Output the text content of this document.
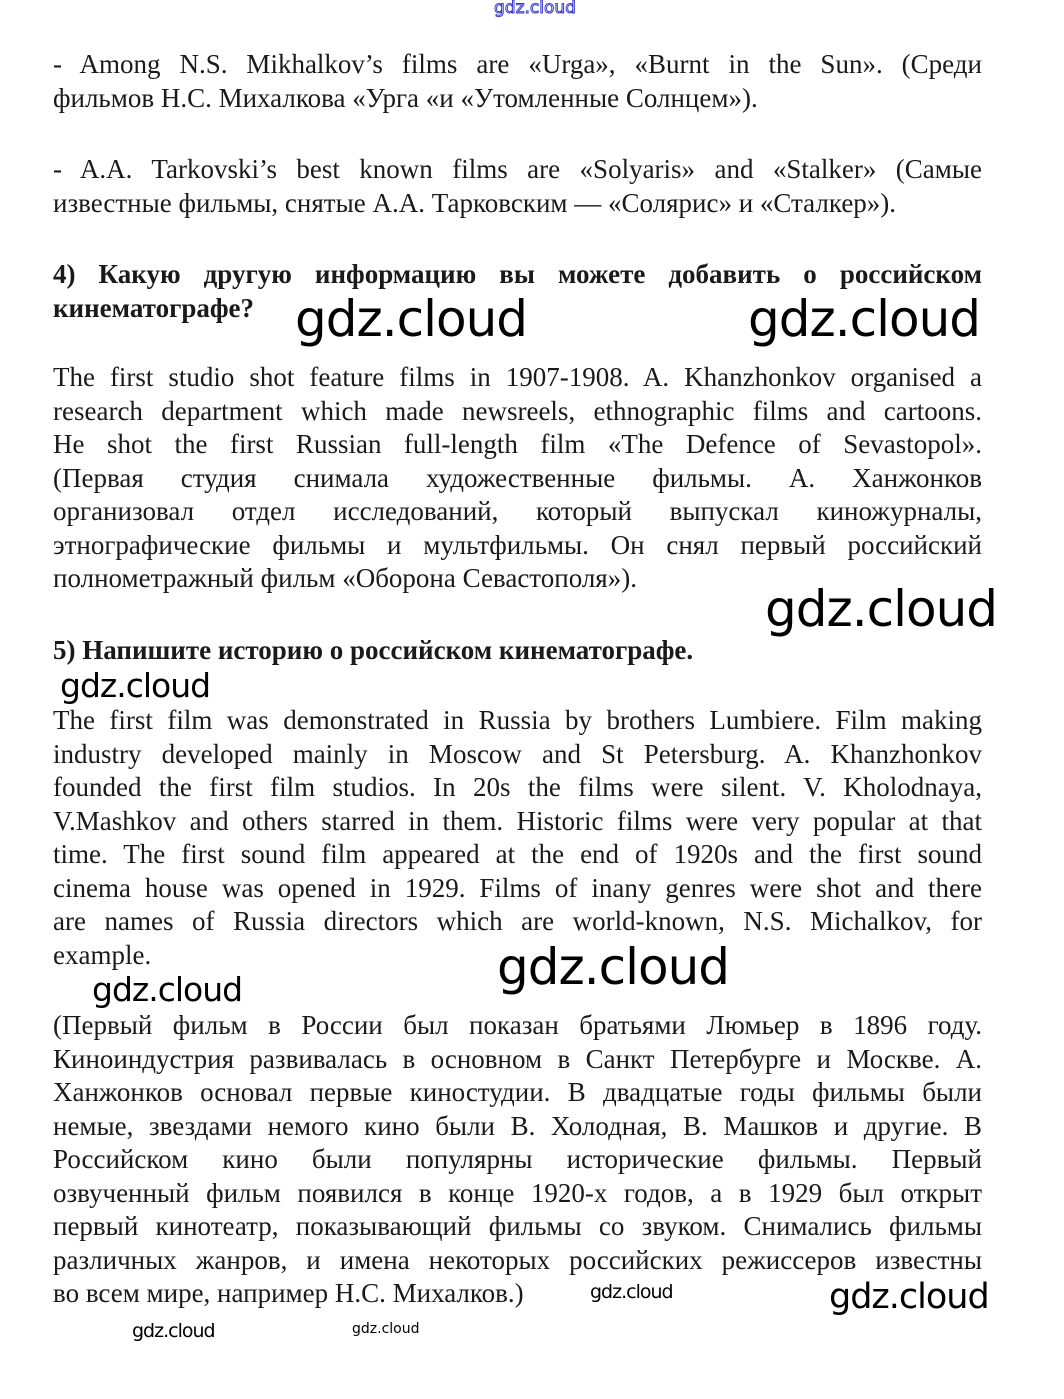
gdz.cloud
- Among N.S. Mikhalkov’s films are «Urga», «Burnt in the Sun». (Среди
фильмов Н.С. Михалкова «Урга «и «Утомленные Солнцем»).
- A.A. Tarkovski’s best known films are «Solyaris» and «Stalker» (Самые
известные фильмы, снятые А.А. Тарковским — «Солярис» и «Сталкер»).
4) Какую другую информацию вы можете добавить о российском
кинематографе?
The first studio shot feature films in 1907-1908. A. Khanzhonkov organised a
research department which made newsreels, ethnographic films and cartoons.
He shot the first Russian full-length film «The Defence of Sevastopol».
(Первая студия снимала художественные фильмы. А. Ханжонков
организовал отдел исследований, который выпускал киножурналы,
этнографические фильмы и мультфильмы. Он снял первый российский
полнометражный фильм «Оборона Севастополя»).
5) Напишите историю о российском кинематографе.
The first film was demonstrated in Russia by brothers Lumbiere. Film making
industry developed mainly in Moscow and St Petersburg. A. Khanzhonkov
founded the first film studios. In 20s the films were silent. V. Kholodnaya,
V.Mashkov and others starred in them. Historic films were very popular at that
time. The first sound film appeared at the end of 1920s and the first sound
cinema house was opened in 1929. Films of inany genres were shot and there
are names of Russia directors which are world-known, N.S. Michalkov, for
example.
(Первый фильм в России был показан братьями Люмьер в 1896 году.
Киноиндустрия развивалась в основном в Санкт Петербурге и Москве. А.
Ханжонков основал первые киностудии. В двадцатые годы фильмы были
немые, звездами немого кино были В. Холодная, В. Машков и другие. В
Российском кино были популярны исторические фильмы. Первый
озвученный фильм появился в конце 1920-х годов, а в 1929 был открыт
первый кинотеатр, показывающий фильмы со звуком. Снимались фильмы
различных жанров, и имена некоторых российских режиссеров известны
во всем мире, например Н.С. Михалков.)
gdz.cloud	gdz.cloud
gdz.cloud
gdz.cloud
gdz.cloud
gdz.cloud
gdz.cloud	gdz.cloud
gdz.cloud	gdz.cloud
